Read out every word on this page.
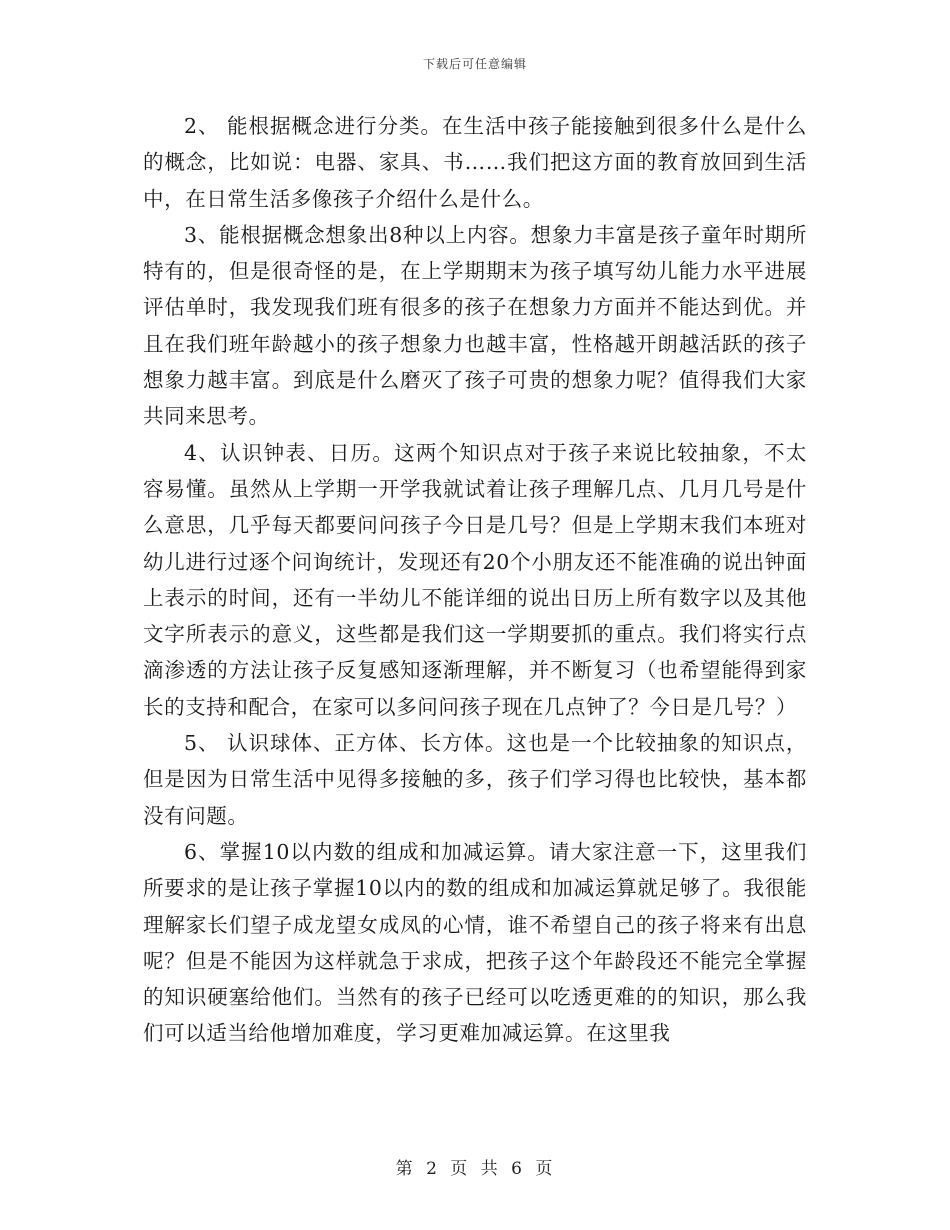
下载后可任意编辑

2、 能根据概念进行分类。在生活中孩子能接触到很多什么是什么的概念，比如说：电器、家具、书……我们把这方面的教育放回到生活中，在日常生活多像孩子介绍什么是什么。

3、能根据概念想象出8种以上内容。想象力丰富是孩子童年时期所特有的，但是很奇怪的是，在上学期期末为孩子填写幼儿能力水平进展评估单时，我发现我们班有很多的孩子在想象力方面并不能达到优。并且在我们班年龄越小的孩子想象力也越丰富，性格越开朗越活跃的孩子想象力越丰富。到底是什么磨灭了孩子可贵的想象力呢？值得我们大家共同来思考。

4、认识钟表、日历。这两个知识点对于孩子来说比较抽象，不太容易懂。虽然从上学期一开学我就试着让孩子理解几点、几月几号是什么意思，几乎每天都要问问孩子今日是几号？但是上学期末我们本班对幼儿进行过逐个问询统计，发现还有20个小朋友还不能准确的说出钟面上表示的时间，还有一半幼儿不能详细的说出日历上所有数字以及其他文字所表示的意义，这些都是我们这一学期要抓的重点。我们将实行点滴渗透的方法让孩子反复感知逐渐理解，并不断复习（也希望能得到家长的支持和配合，在家可以多问问孩子现在几点钟了？今日是几号？）

5、 认识球体、正方体、长方体。这也是一个比较抽象的知识点，但是因为日常生活中见得多接触的多，孩子们学习得也比较快，基本都没有问题。

6、掌握10以内数的组成和加减运算。请大家注意一下，这里我们所要求的是让孩子掌握10以内的数的组成和加减运算就足够了。我很能理解家长们望子成龙望女成凤的心情，谁不希望自己的孩子将来有出息呢？但是不能因为这样就急于求成，把孩子这个年龄段还不能完全掌握的知识硬塞给他们。当然有的孩子已经可以吃透更难的的知识，那么我们可以适当给他增加难度，学习更难加减运算。在这里我

第 2 页 共 6 页
